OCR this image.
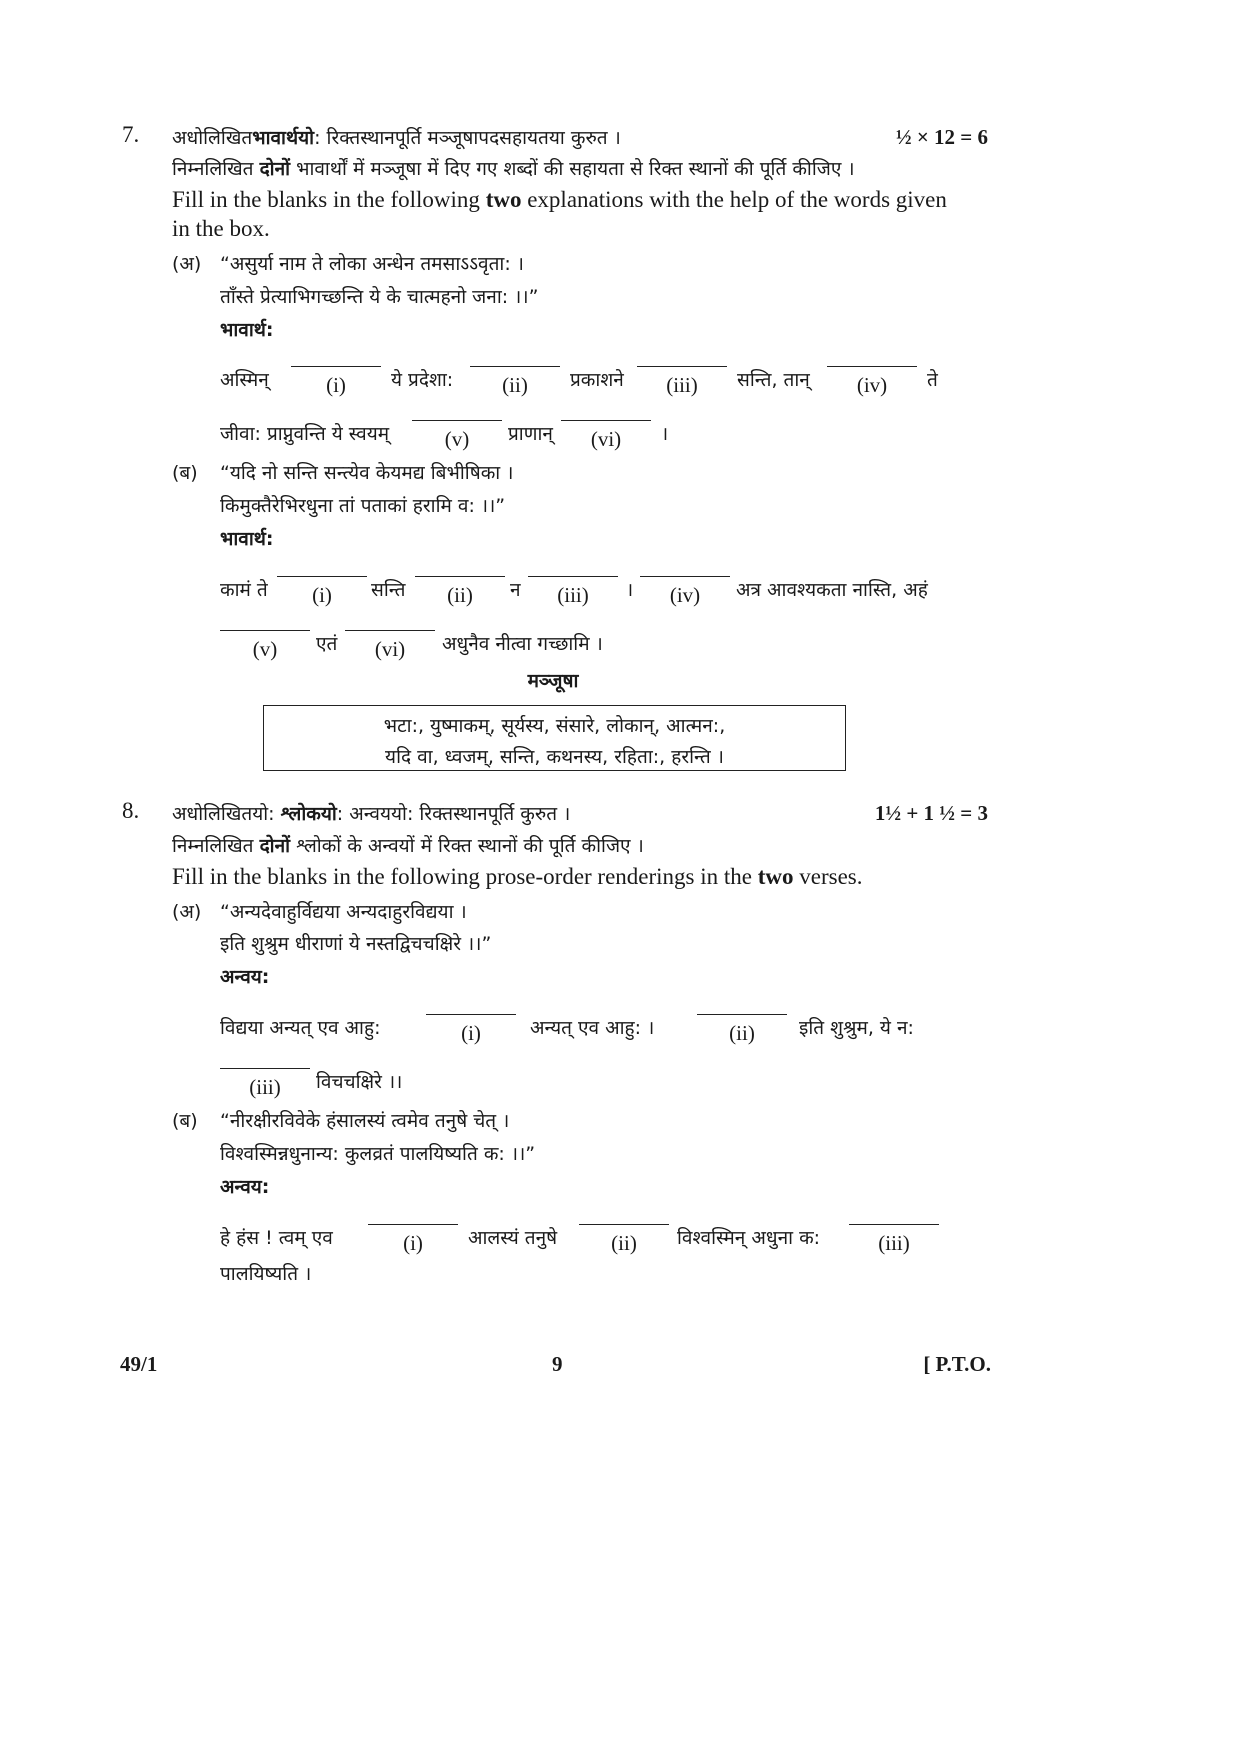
7. अधोलिखितभावार्थयो: रिक्तस्थानपूर्ति मञ्जूषापदसहायतया कुरुत ।	½ × 12 = 6
निम्नलिखित दोनों भावार्थों में मञ्जूषा में दिए गए शब्दों की सहायता से रिक्त स्थानों की पूर्ति कीजिए ।
Fill in the blanks in the following two explanations with the help of the words given
in the box.
(अ) “असुर्या नाम ते लोका अन्धेन तमसाऽऽवृता: ।
ताँस्ते प्रेत्याभिगच्छन्ति ये के चात्महनो जना: ।।”
भावार्थ:
अस्मिन्	(i)	ये प्रदेशा:	(ii)	प्रकाशने	(iii)	सन्ति, तान्	(iv)	ते
जीवा: प्राप्नुवन्ति ये स्वयम्	(v)	प्राणान्	(vi)	।
(ब) “यदि नो सन्ति सन्त्येव केयमद्य बिभीषिका ।
किमुक्तैरेभिरधुना तां पताकां हरामि व: ।।”
भावार्थ:
कामं ते	(i)	सन्ति	(ii)	न	(iii)	।	(iv)	अत्र आवश्यकता नास्ति, अहं
(v)	एतं	(vi)	अधुनैव नीत्वा गच्छामि ।
मञ्जूषा
भटा:, युष्माकम्, सूर्यस्य, संसारे, लोकान्, आत्मन:,
यदि वा, ध्वजम्, सन्ति, कथनस्य, रहिता:, हरन्ति ।
8. अधोलिखितयो: श्लोकयो: अन्वययो: रिक्तस्थानपूर्ति कुरुत ।	1½ + 1 ½ = 3
निम्नलिखित दोनों श्लोकों के अन्वयों में रिक्त स्थानों की पूर्ति कीजिए ।
Fill in the blanks in the following prose-order renderings in the two verses.
(अ) “अन्यदेवाहुर्विद्यया अन्यदाहुरविद्यया ।
इति शुश्रुम धीराणां ये नस्तद्विचचक्षिरे ।।”
अन्वय:
विद्यया अन्यत् एव आहु:	(i)	अन्यत् एव आहु: ।	(ii)	इति शुश्रुम, ये न:
(iii)	विचचक्षिरे ।।
(ब) “नीरक्षीरविवेके हंसालस्यं त्वमेव तनुषे चेत् ।
विश्वस्मिन्नधुनान्य: कुलव्रतं पालयिष्यति क: ।।”
अन्वय:
हे हंस ! त्वम् एव	(i)	आलस्यं तनुषे	(ii)	विश्वस्मिन् अधुना क:	(iii)
पालयिष्यति ।
49/1	9	[ P.T.O.
